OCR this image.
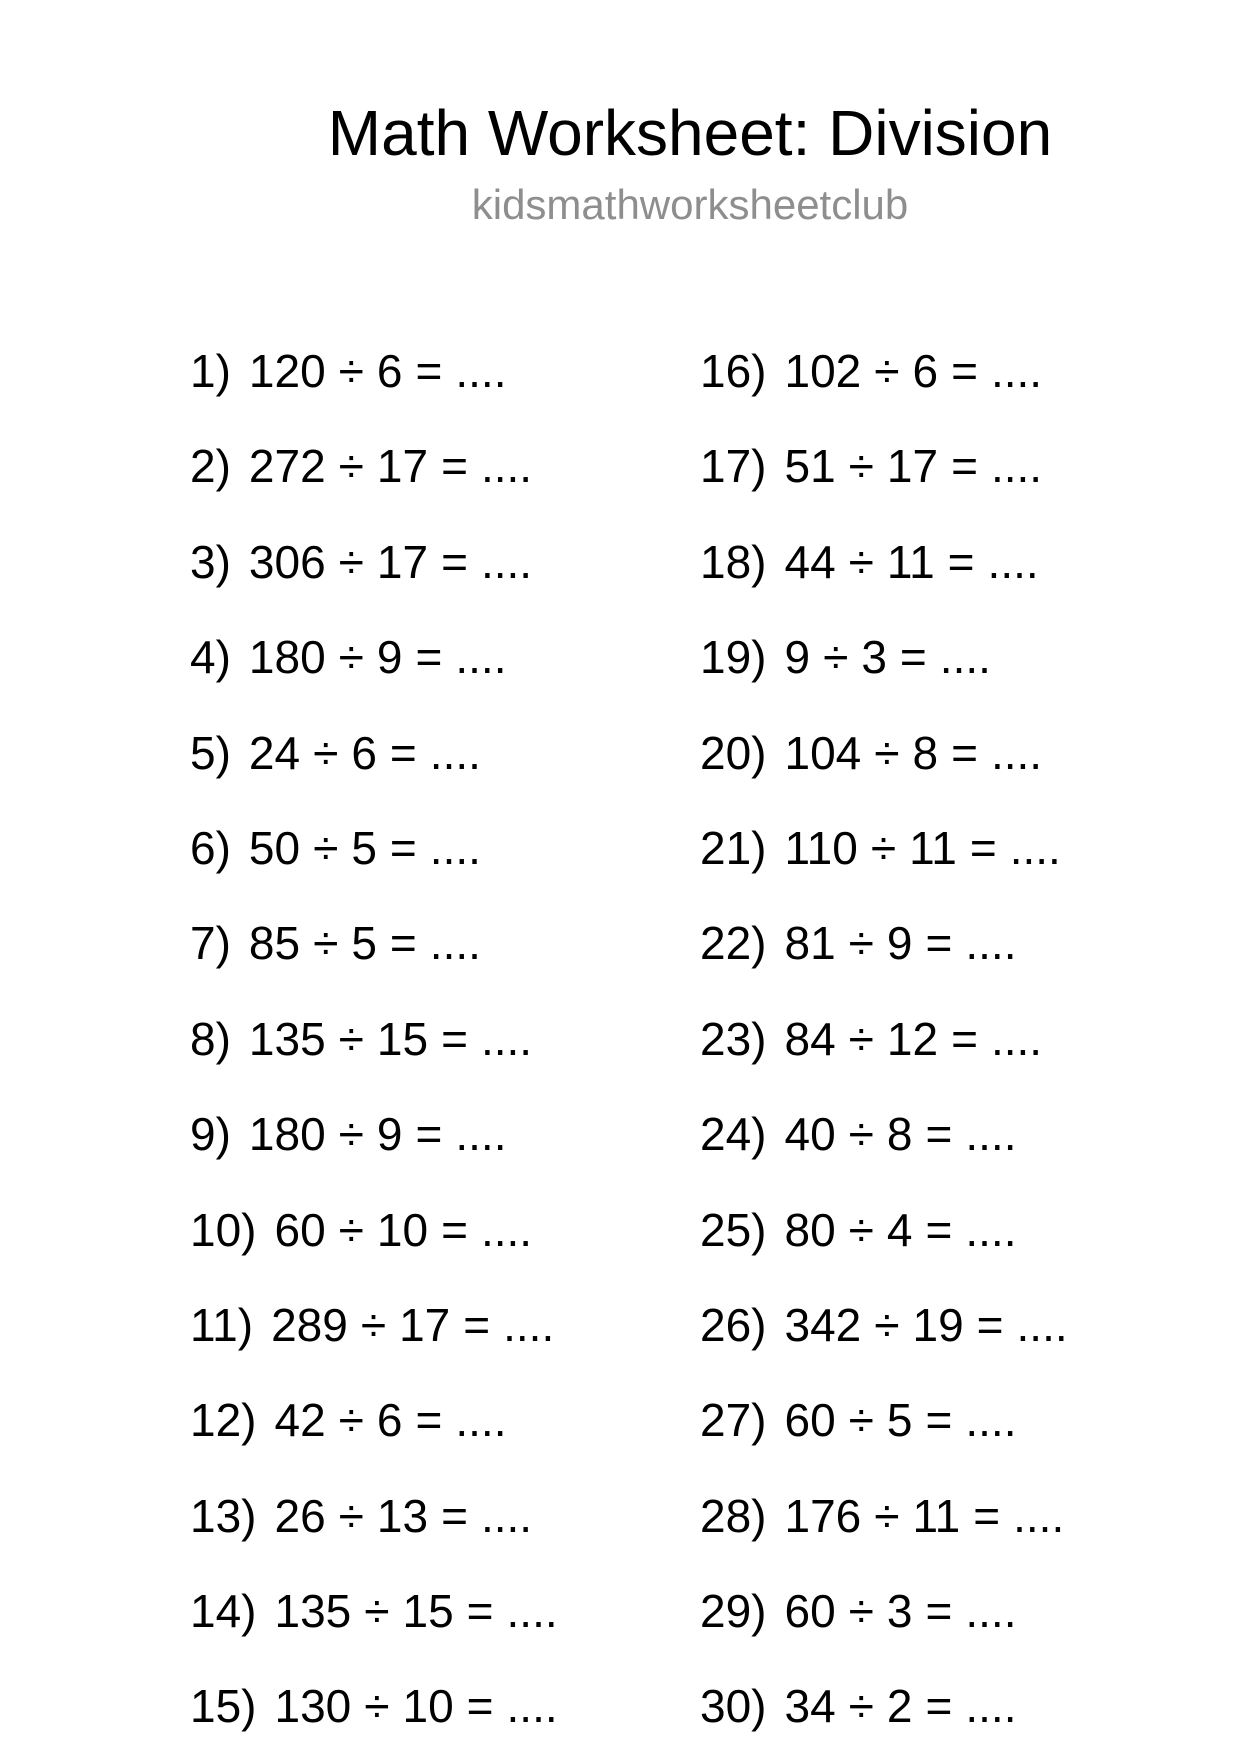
Math Worksheet: Division
kidsmathworksheetclub
1) 120 ÷ 6 = ....
2) 272 ÷ 17 = ....
3) 306 ÷ 17 = ....
4) 180 ÷ 9 = ....
5) 24 ÷ 6 = ....
6) 50 ÷ 5 = ....
7) 85 ÷ 5 = ....
8) 135 ÷ 15 = ....
9) 180 ÷ 9 = ....
10) 60 ÷ 10 = ....
11) 289 ÷ 17 = ....
12) 42 ÷ 6 = ....
13) 26 ÷ 13 = ....
14) 135 ÷ 15 = ....
15) 130 ÷ 10 = ....
16) 102 ÷ 6 = ....
17) 51 ÷ 17 = ....
18) 44 ÷ 11 = ....
19) 9 ÷ 3 = ....
20) 104 ÷ 8 = ....
21) 110 ÷ 11 = ....
22) 81 ÷ 9 = ....
23) 84 ÷ 12 = ....
24) 40 ÷ 8 = ....
25) 80 ÷ 4 = ....
26) 342 ÷ 19 = ....
27) 60 ÷ 5 = ....
28) 176 ÷ 11 = ....
29) 60 ÷ 3 = ....
30) 34 ÷ 2 = ....
